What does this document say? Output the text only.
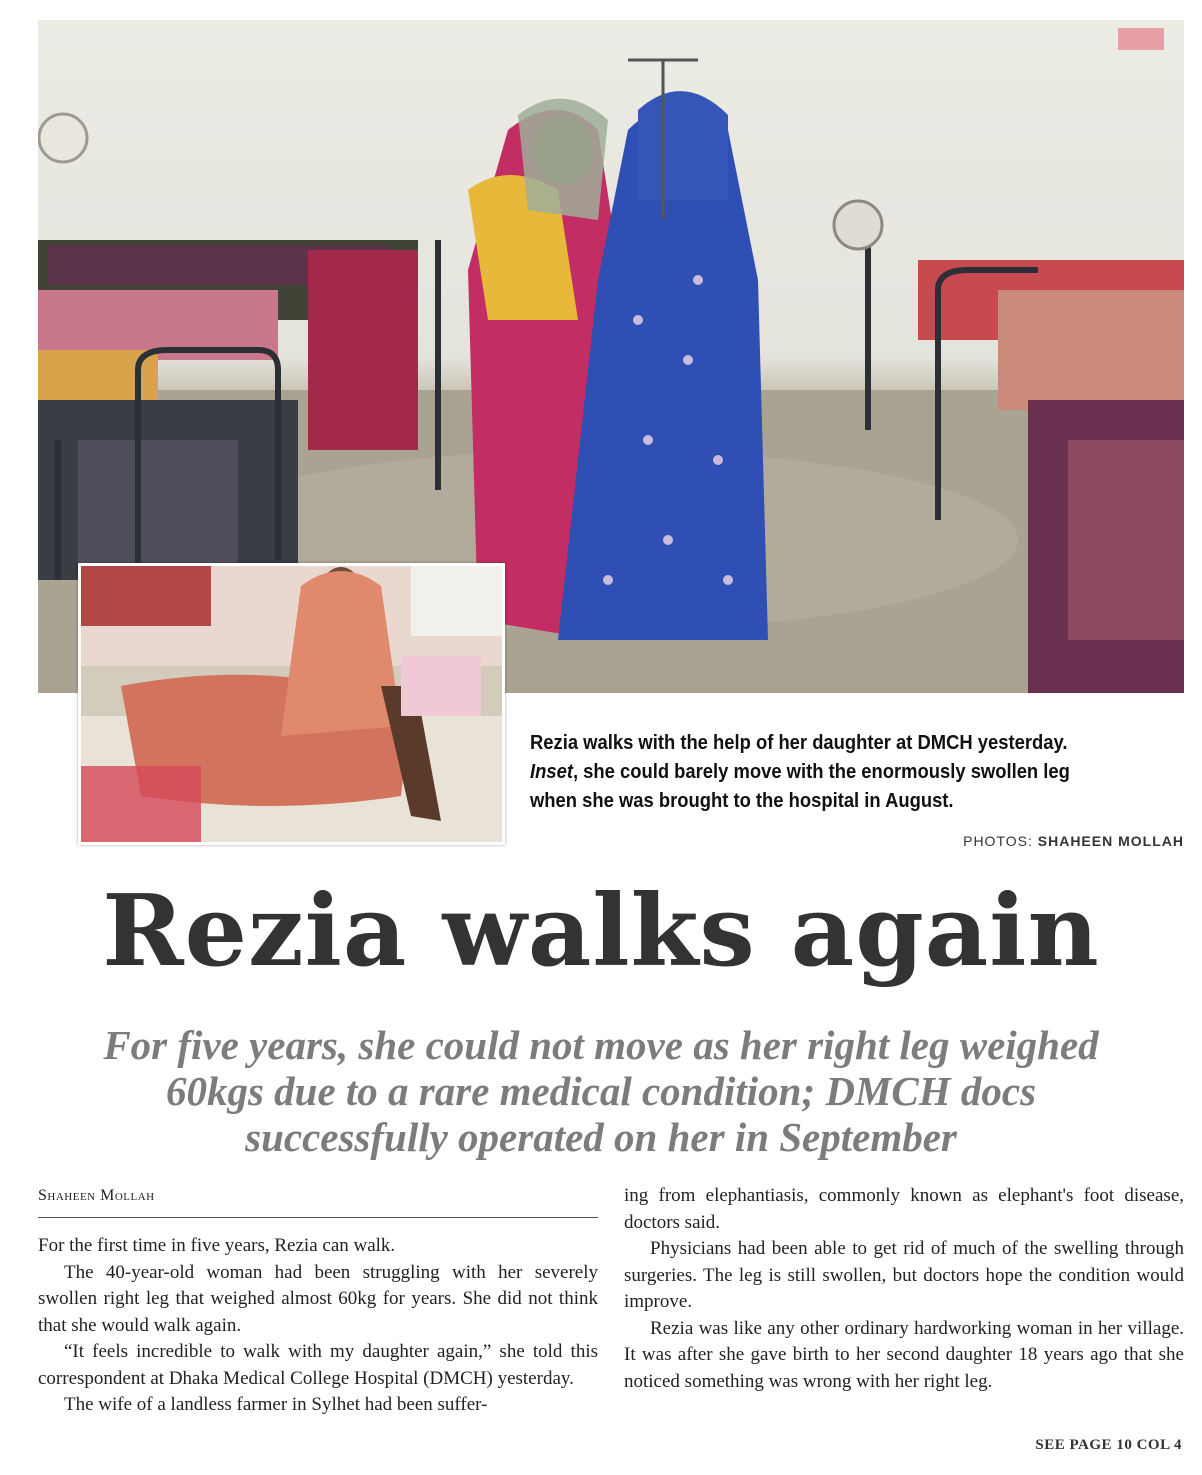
Rezia walks with the help of her daughter at DMCH yesterday.
Inset, she could barely move with the enormously swollen leg
when she was brought to the hospital in August.
PHOTOS: SHAHEEN MOLLAH
Rezia walks again
For five years, she could not move as her right leg weighed 60kgs due to a rare medical condition; DMCH docs successfully operated on her in September
Shaheen Mollah

For the first time in five years, Rezia can walk.

The 40-year-old woman had been struggling with her severely swollen right leg that weighed almost 60kg for years. She did not think that she would walk again.

“It feels incredible to walk with my daughter again,” she told this correspondent at Dhaka Medical College Hospital (DMCH) yesterday.

The wife of a landless farmer in Sylhet had been suffer-

ing from elephantiasis, commonly known as elephant's foot disease, doctors said.

Physicians had been able to get rid of much of the swelling through surgeries. The leg is still swollen, but doctors hope the condition would improve.

Rezia was like any other ordinary hardworking woman in her village. It was after she gave birth to her second daughter 18 years ago that she noticed something was wrong with her right leg.

SEE PAGE 10 COL 4
